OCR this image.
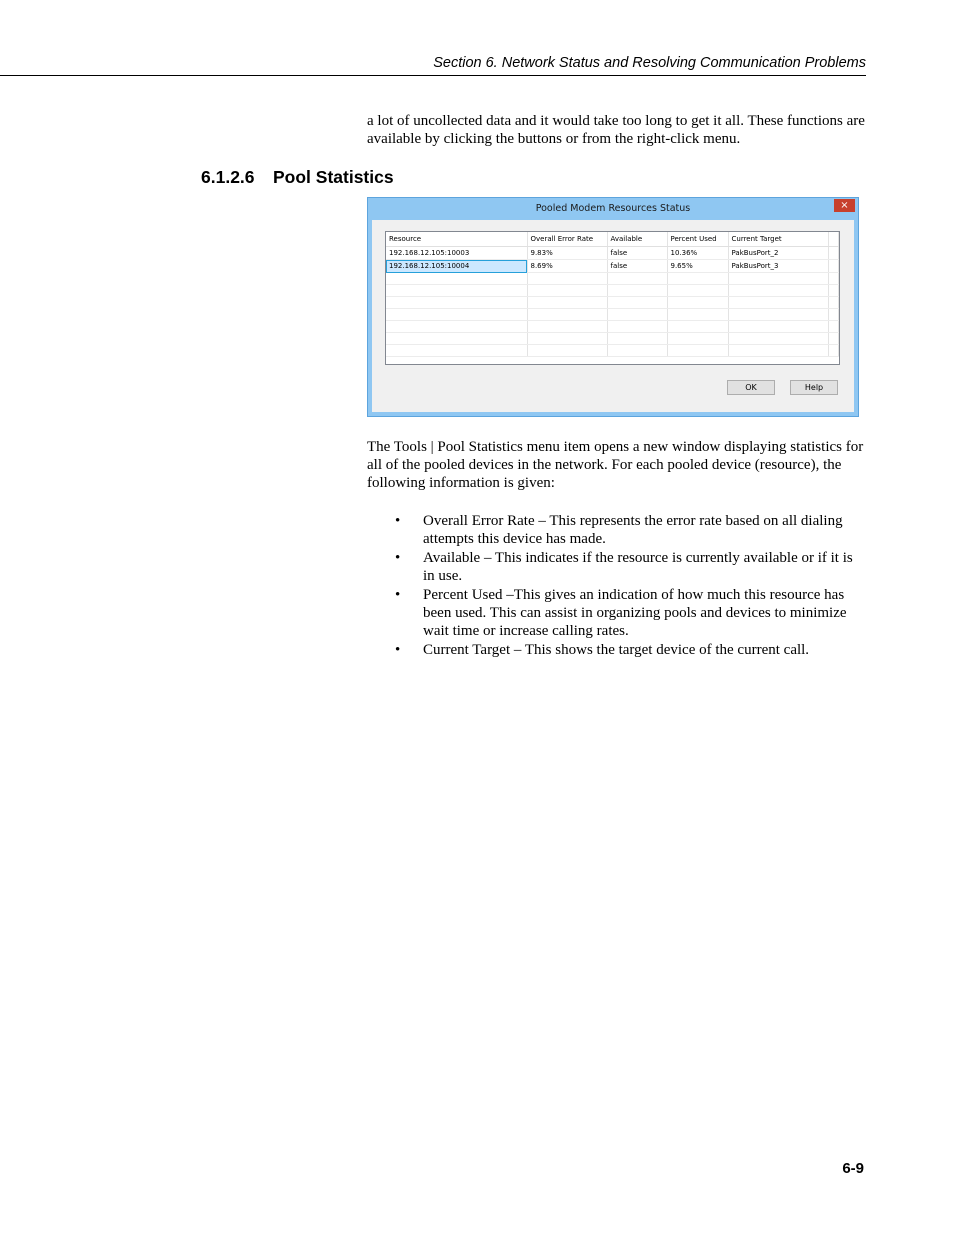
Section 6. Network Status and Resolving Communication Problems
a lot of uncollected data and it would take too long to get it all. These functions are available by clicking the buttons or from the right-click menu.
6.1.2.6 Pool Statistics
Pooled Modem Resources Status	×
Resource	Overall Error Rate	Available	Percent Used	Current Target	
192.168.12.105:10003	9.83%	false	10.36%	PakBusPort_2	
192.168.12.105:10004	8.69%	false	9.65%	PakBusPort_3	

OK	Help
The Tools | Pool Statistics menu item opens a new window displaying statistics for all of the pooled devices in the network. For each pooled device (resource), the following information is given:
• Overall Error Rate – This represents the error rate based on all dialing attempts this device has made.
• Available – This indicates if the resource is currently available or if it is in use.
• Percent Used –This gives an indication of how much this resource has been used. This can assist in organizing pools and devices to minimize wait time or increase calling rates.
• Current Target – This shows the target device of the current call.
6-9
